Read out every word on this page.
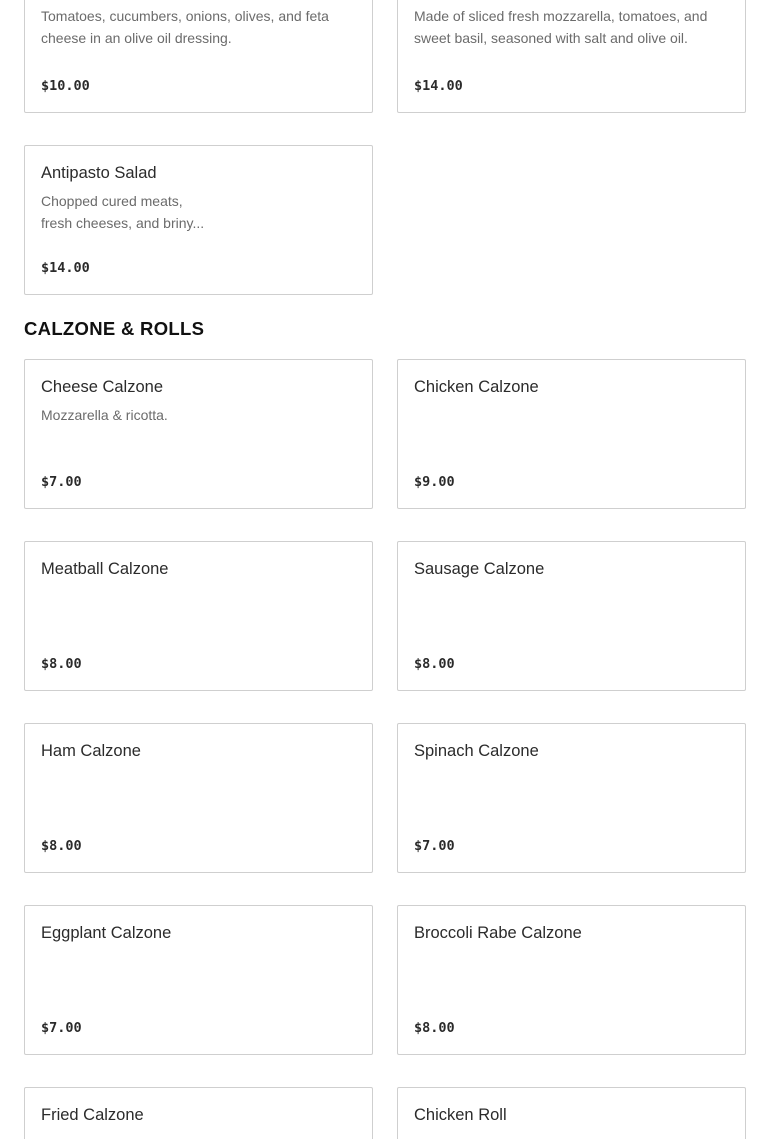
Tomatoes, cucumbers, onions, olives, and feta cheese in an olive oil dressing.
$10.00
Made of sliced fresh mozzarella, tomatoes, and sweet basil, seasoned with salt and olive oil.
$14.00
Antipasto Salad
Chopped cured meats, fresh cheeses, and briny...
$14.00
CALZONE & ROLLS
Cheese Calzone
Mozzarella & ricotta.
$7.00
Chicken Calzone
$9.00
Meatball Calzone
$8.00
Sausage Calzone
$8.00
Ham Calzone
$8.00
Spinach Calzone
$7.00
Eggplant Calzone
$7.00
Broccoli Rabe Calzone
$8.00
Fried Calzone	Chicken Roll
